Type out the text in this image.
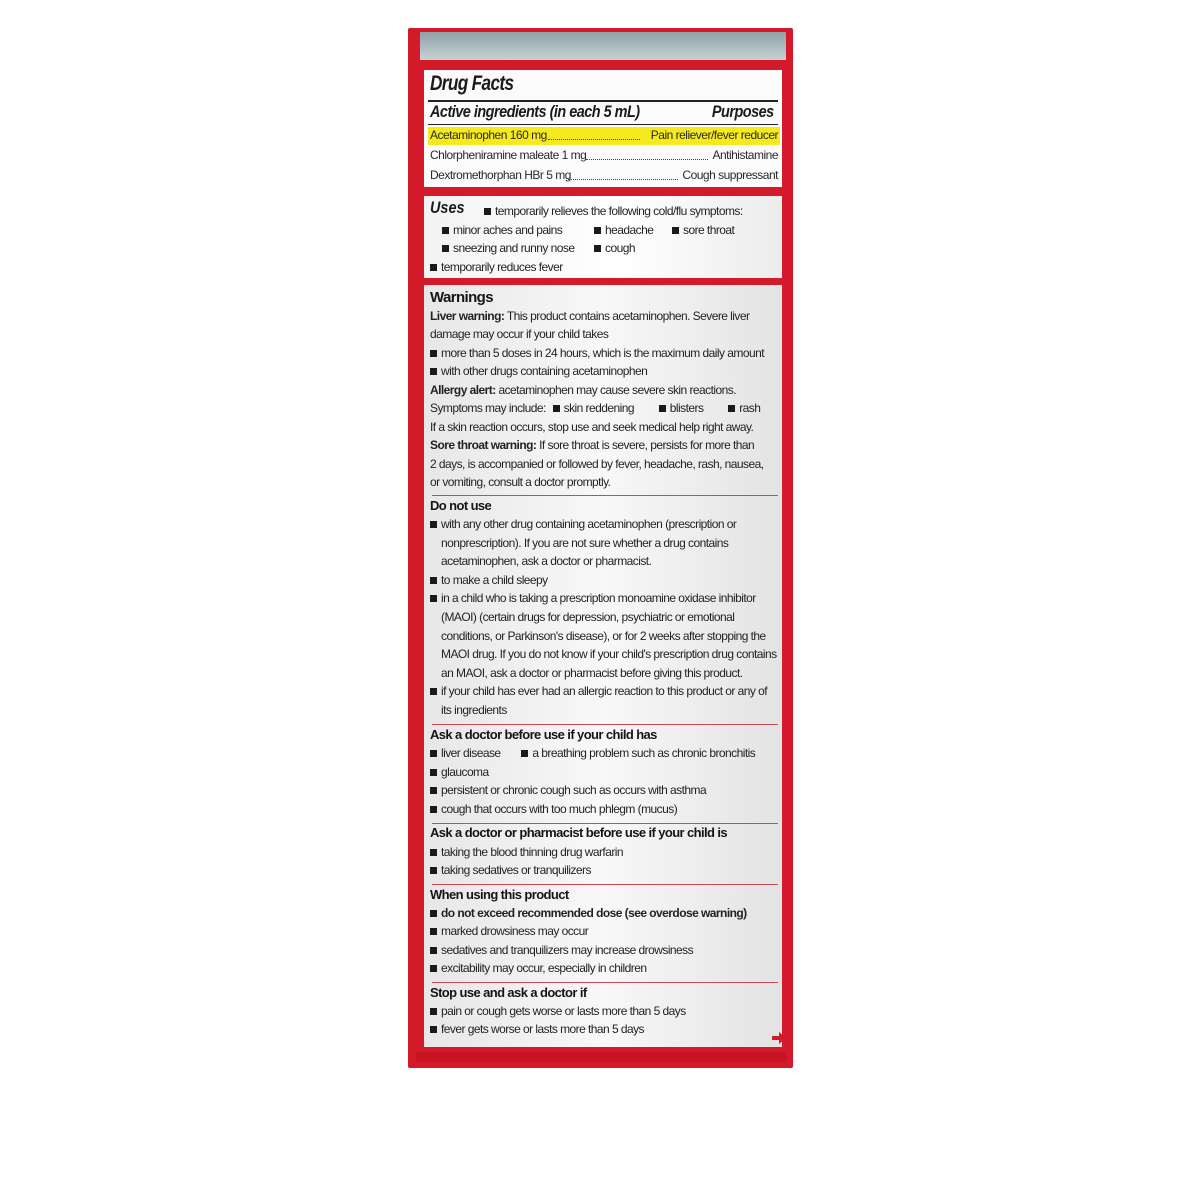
Drug Facts
Active ingredients (in each 5 mL)	Purposes
Acetaminophen 160 mg	Pain reliever/fever reducer
Chlorpheniramine maleate 1 mg	Antihistamine
Dextromethorphan HBr 5 mg	Cough suppressant
Uses	temporarily relieves the following cold/flu symptoms:
minor aches and pains	headache	sore throat
sneezing and runny nose	cough
temporarily reduces fever
Warnings
Liver warning: This product contains acetaminophen. Severe liver
damage may occur if your child takes
more than 5 doses in 24 hours, which is the maximum daily amount
with other drugs containing acetaminophen
Allergy alert: acetaminophen may cause severe skin reactions.
Symptoms may include: skin reddening	blisters	rash
If a skin reaction occurs, stop use and seek medical help right away.
Sore throat warning: If sore throat is severe, persists for more than
2 days, is accompanied or followed by fever, headache, rash, nausea,
or vomiting, consult a doctor promptly.
Do not use
with any other drug containing acetaminophen (prescription or
nonprescription). If you are not sure whether a drug contains
acetaminophen, ask a doctor or pharmacist.
to make a child sleepy
in a child who is taking a prescription monoamine oxidase inhibitor
(MAOI) (certain drugs for depression, psychiatric or emotional
conditions, or Parkinson's disease), or for 2 weeks after stopping the
MAOI drug. If you do not know if your child's prescription drug contains
an MAOI, ask a doctor or pharmacist before giving this product.
if your child has ever had an allergic reaction to this product or any of
its ingredients
Ask a doctor before use if your child has
liver disease	a breathing problem such as chronic bronchitis
glaucoma
persistent or chronic cough such as occurs with asthma
cough that occurs with too much phlegm (mucus)
Ask a doctor or pharmacist before use if your child is
taking the blood thinning drug warfarin
taking sedatives or tranquilizers
When using this product
do not exceed recommended dose (see overdose warning)
marked drowsiness may occur
sedatives and tranquilizers may increase drowsiness
excitability may occur, especially in children
Stop use and ask a doctor if
pain or cough gets worse or lasts more than 5 days
fever gets worse or lasts more than 5 days
